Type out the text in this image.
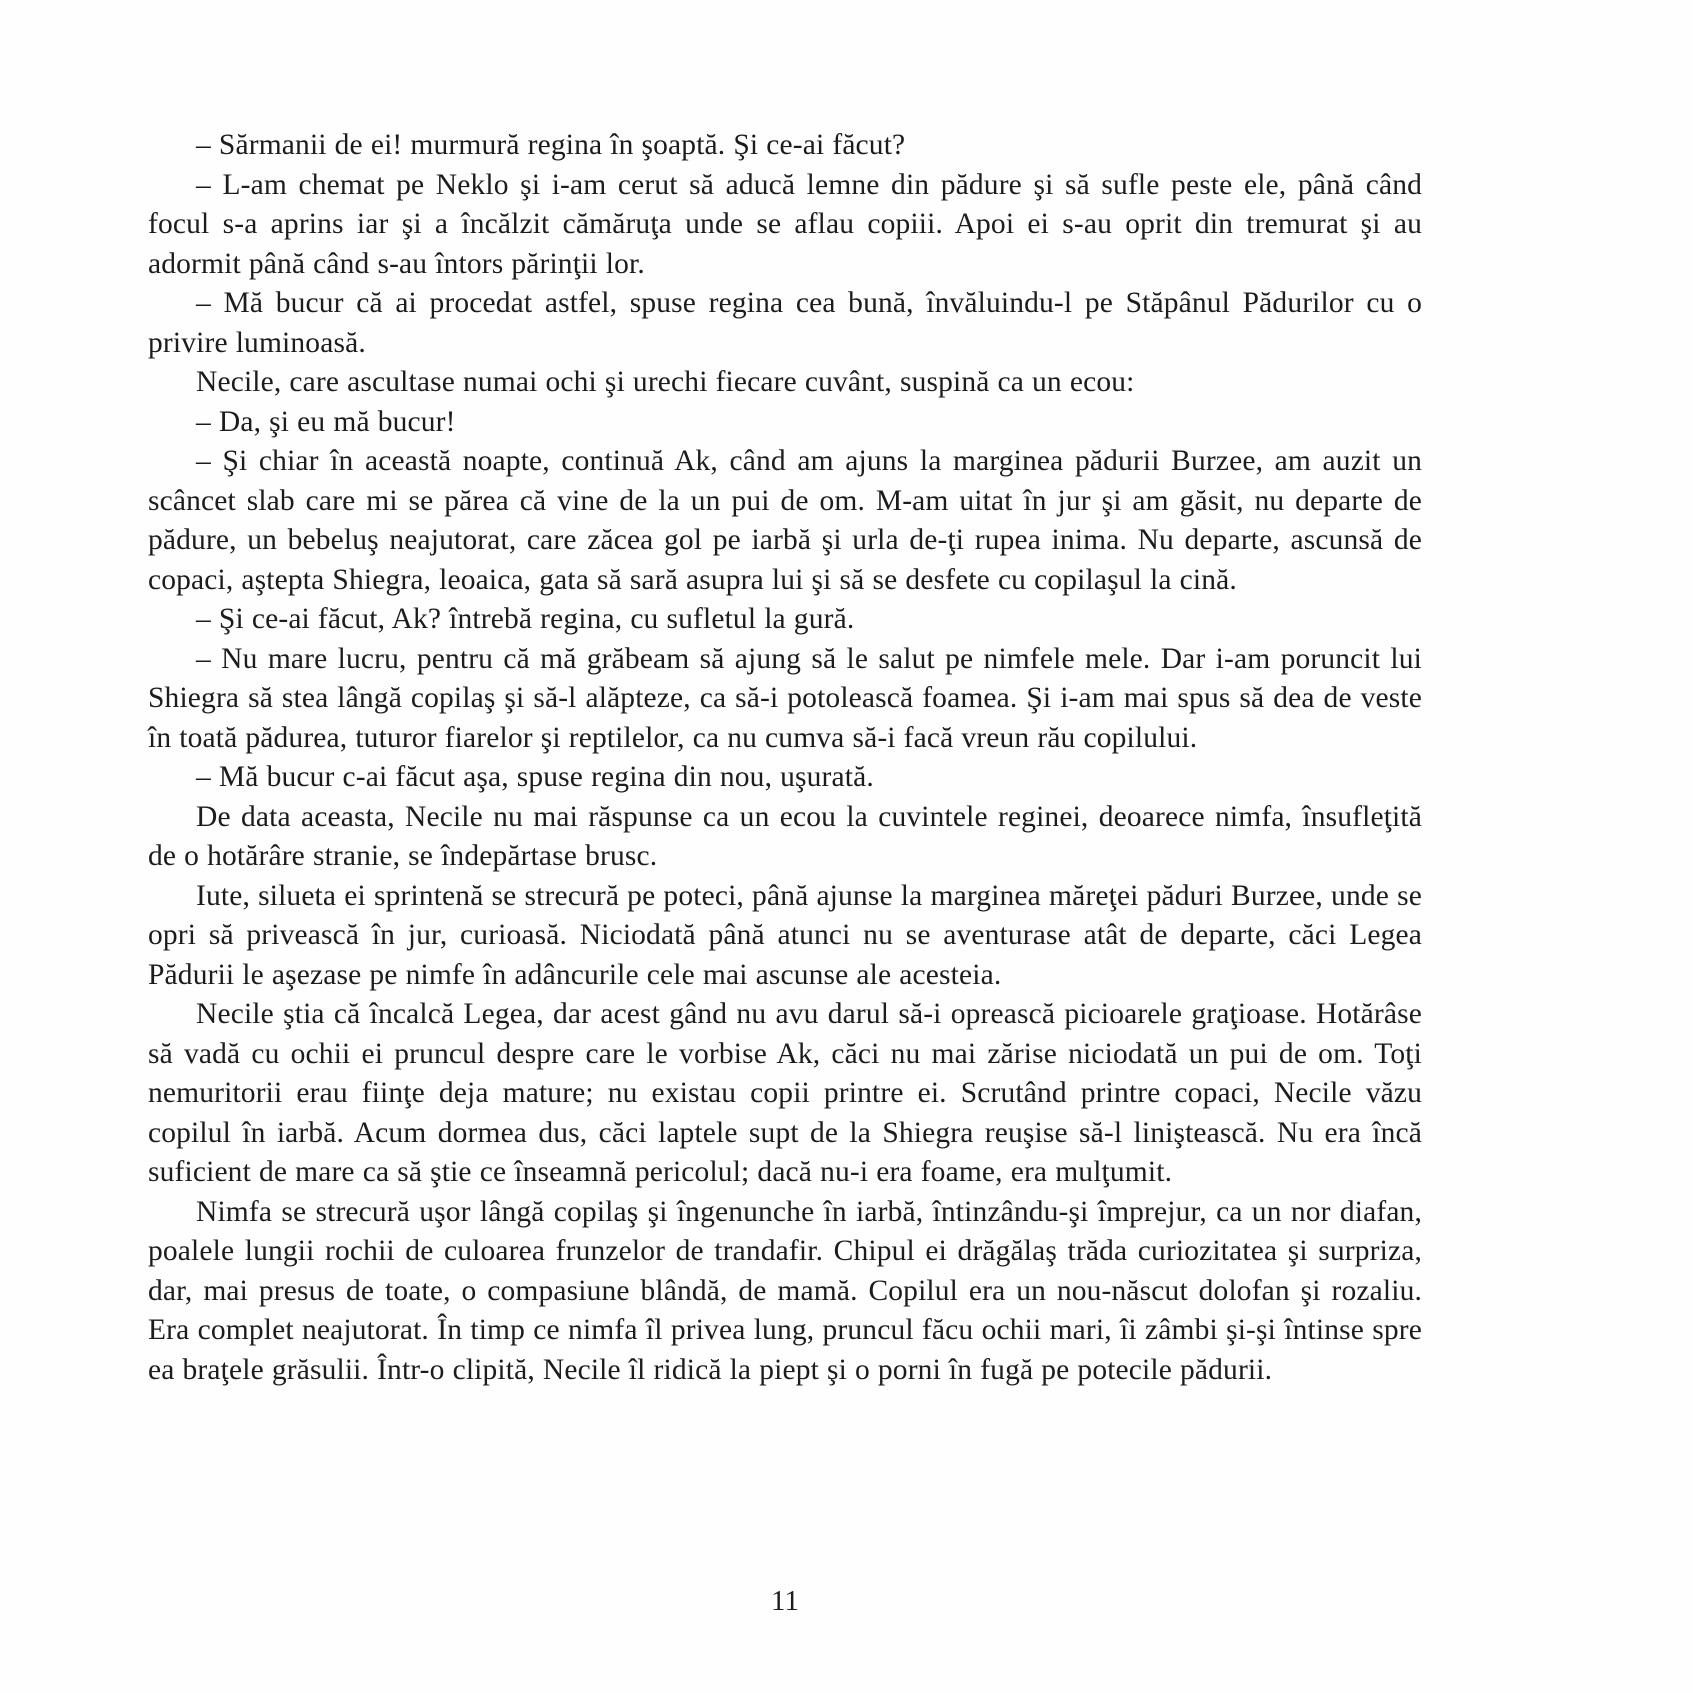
– Sărmanii de ei! murmură regina în şoaptă. Şi ce-ai făcut?

– L-am chemat pe Neklo şi i-am cerut să aducă lemne din pădure şi să sufle peste ele, până când focul s-a aprins iar şi a încălzit cămăruţa unde se aflau copiii. Apoi ei s-au oprit din tremurat şi au adormit până când s-au întors părinţii lor.

– Mă bucur că ai procedat astfel, spuse regina cea bună, învăluindu-l pe Stăpânul Pădurilor cu o privire luminoasă.

Necile, care ascultase numai ochi şi urechi fiecare cuvânt, suspină ca un ecou:

– Da, şi eu mă bucur!

– Şi chiar în această noapte, continuă Ak, când am ajuns la marginea pădurii Burzee, am auzit un scâncet slab care mi se părea că vine de la un pui de om. M-am uitat în jur şi am găsit, nu departe de pădure, un bebeluş neajutorat, care zăcea gol pe iarbă şi urla de-ţi rupea inima. Nu departe, ascunsă de copaci, aştepta Shiegra, leoaica, gata să sară asupra lui şi să se desfete cu copilaşul la cină.

– Şi ce-ai făcut, Ak? întrebă regina, cu sufletul la gură.

– Nu mare lucru, pentru că mă grăbeam să ajung să le salut pe nimfele mele. Dar i-am poruncit lui Shiegra să stea lângă copilaş şi să-l alăpteze, ca să-i potolească foamea. Şi i-am mai spus să dea de veste în toată pădurea, tuturor fiarelor şi reptilelor, ca nu cumva să-i facă vreun rău copilului.

– Mă bucur c-ai făcut aşa, spuse regina din nou, uşurată.

De data aceasta, Necile nu mai răspunse ca un ecou la cuvintele reginei, deoarece nimfa, însufleţită de o hotărâre stranie, se îndepărtase brusc.

Iute, silueta ei sprintenă se strecură pe poteci, până ajunse la marginea măreţei păduri Burzee, unde se opri să privească în jur, curioasă. Niciodată până atunci nu se aventurase atât de departe, căci Legea Pădurii le aşezase pe nimfe în adâncurile cele mai ascunse ale acesteia.

Necile ştia că încalcă Legea, dar acest gând nu avu darul să-i oprească picioarele graţioase. Hotărâse să vadă cu ochii ei pruncul despre care le vorbise Ak, căci nu mai zărise niciodată un pui de om. Toţi nemuritorii erau fiinţe deja mature; nu existau copii printre ei. Scrutând printre copaci, Necile văzu copilul în iarbă. Acum dormea dus, căci laptele supt de la Shiegra reuşise să-l liniştească. Nu era încă suficient de mare ca să ştie ce înseamnă pericolul; dacă nu-i era foame, era mulţumit.

Nimfa se strecură uşor lângă copilaş şi îngenunche în iarbă, întinzându-şi împrejur, ca un nor diafan, poalele lungii rochii de culoarea frunzelor de trandafir. Chipul ei drăgălaş trăda curiozitatea şi surpriza, dar, mai presus de toate, o compasiune blândă, de mamă. Copilul era un nou-născut dolofan şi rozaliu. Era complet neajutorat. În timp ce nimfa îl privea lung, pruncul făcu ochii mari, îi zâmbi şi-şi întinse spre ea braţele grăsulii. Într-o clipită, Necile îl ridică la piept şi o porni în fugă pe potecile pădurii.

11
